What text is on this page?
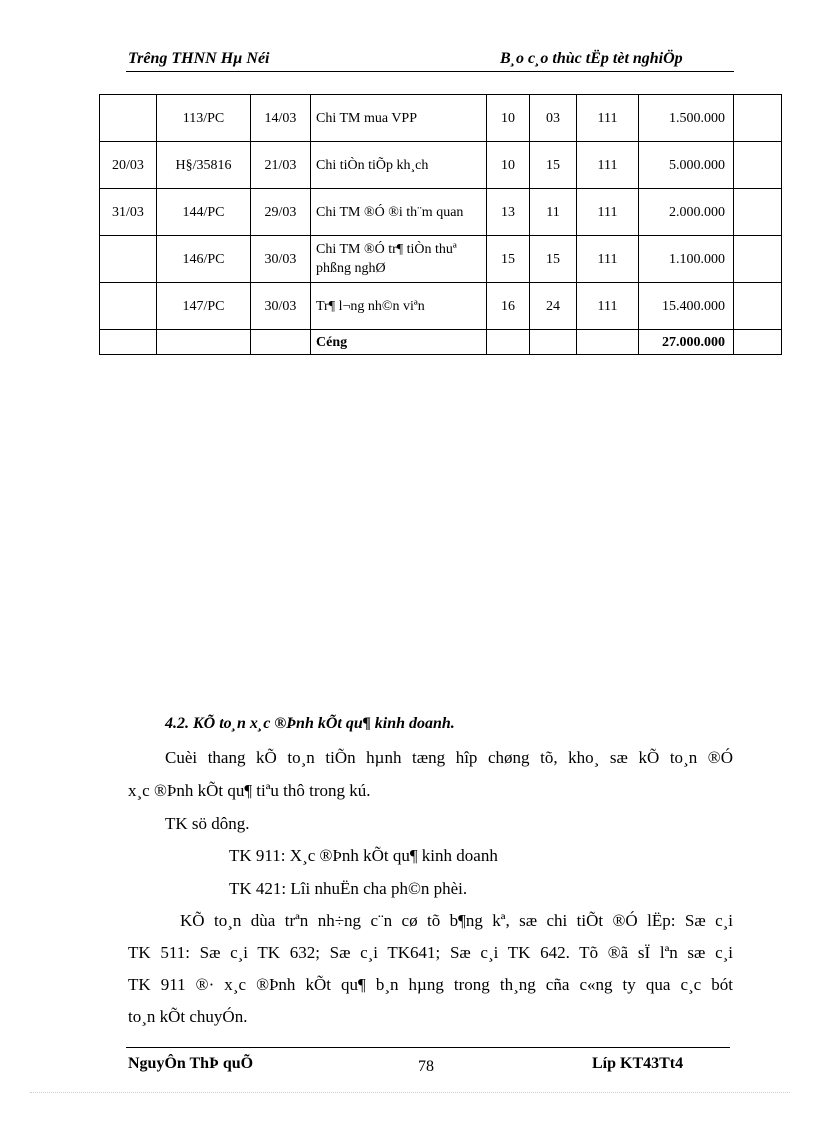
Trêng THNN Hµ Néi	B¸o c¸o thùc tËp tèt nghiÖp
	113/PC	14/03	Chi TM mua VPP	10	03	111	1.500.000	
20/03	H§/35816	21/03	Chi tiÒn tiÕp kh¸ch	10	15	111	5.000.000	
31/03	144/PC	29/03	Chi TM ®Ó ®i th¨m quan	13	11	111	2.000.000	
	146/PC	30/03	Chi TM ®Ó tr¶ tiÒn thuª phßng nghØ	15	15	111	1.100.000	
	147/PC	30/03	Tr¶ l¬ng nh©n viªn	16	24	111	15.400.000	
			Céng				27.000.000	
4.2. KÕ to¸n x¸c ®Þnh kÕt qu¶ kinh doanh.
Cuèi thang kÕ to¸n tiÕn hµnh tæng hîp chøng tõ, kho¸ sæ kÕ to¸n ®Ó
x¸c ®Þnh kÕt qu¶ tiªu thô trong kú.
TK sö dông.
TK 911: X¸c ®Þnh kÕt qu¶ kinh doanh
TK 421: Lîi nhuËn cha ph©n phèi.
KÕ to¸n dùa trªn nh÷ng c¨n cø tõ b¶ng kª, sæ chi tiÕt ®Ó lËp: Sæ c¸i
TK 511: Sæ c¸i TK 632; Sæ c¸i TK641; Sæ c¸i TK 642. Tõ ®ã sÏ lªn sæ c¸i
TK 911 ®· x¸c ®Þnh kÕt qu¶ b¸n hµng trong th¸ng cña c«ng ty qua c¸c bót
to¸n kÕt chuyÓn.
NguyÔn ThÞ quÕ	78	Líp KT43Tt4
